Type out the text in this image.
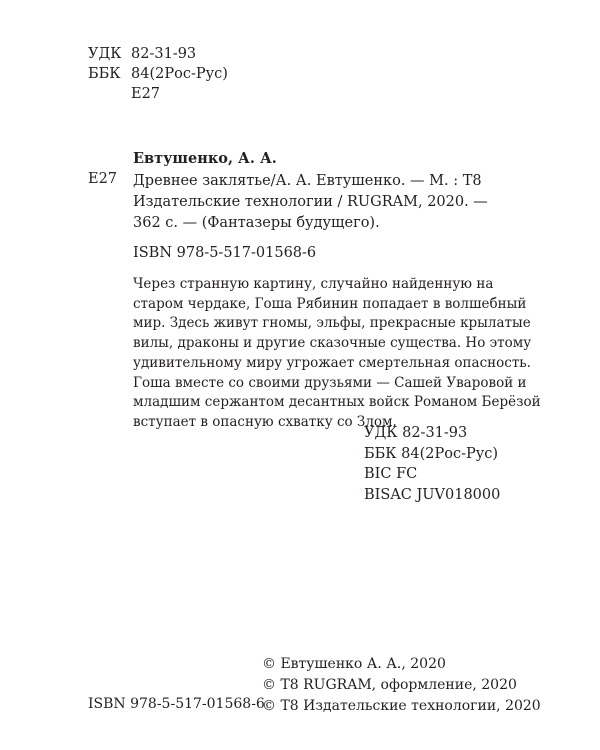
УДК 82-31-93
ББК 84(2Рос-Рус)
Е27
Евтушенко, А. А.
Е27 Древнее заклятье/А. А. Евтушенко. — М. : Т8
Издательские технологии / RUGRAM, 2020. —
362 с. — (Фантазеры будущего).
ISBN 978-5-517-01568-6
Через странную картину, случайно найденную на
старом чердаке, Гоша Рябинин попадает в волшебный
мир. Здесь живут гномы, эльфы, прекрасные крылатые
вилы, драконы и другие сказочные существа. Но этому
удивительному миру угрожает смертельная опасность.
Гоша вместе со своими друзьями — Сашей Уваровой и
младшим сержантом десантных войск Романом Берёзой
вступает в опасную схватку со Злом.
УДК 82-31-93
ББК 84(2Рос-Рус)
BIC FC
BISAC JUV018000
© Евтушенко А. А., 2020
© Т8 RUGRAM, оформление, 2020
© Т8 Издательские технологии, 2020
ISBN 978-5-517-01568-6
